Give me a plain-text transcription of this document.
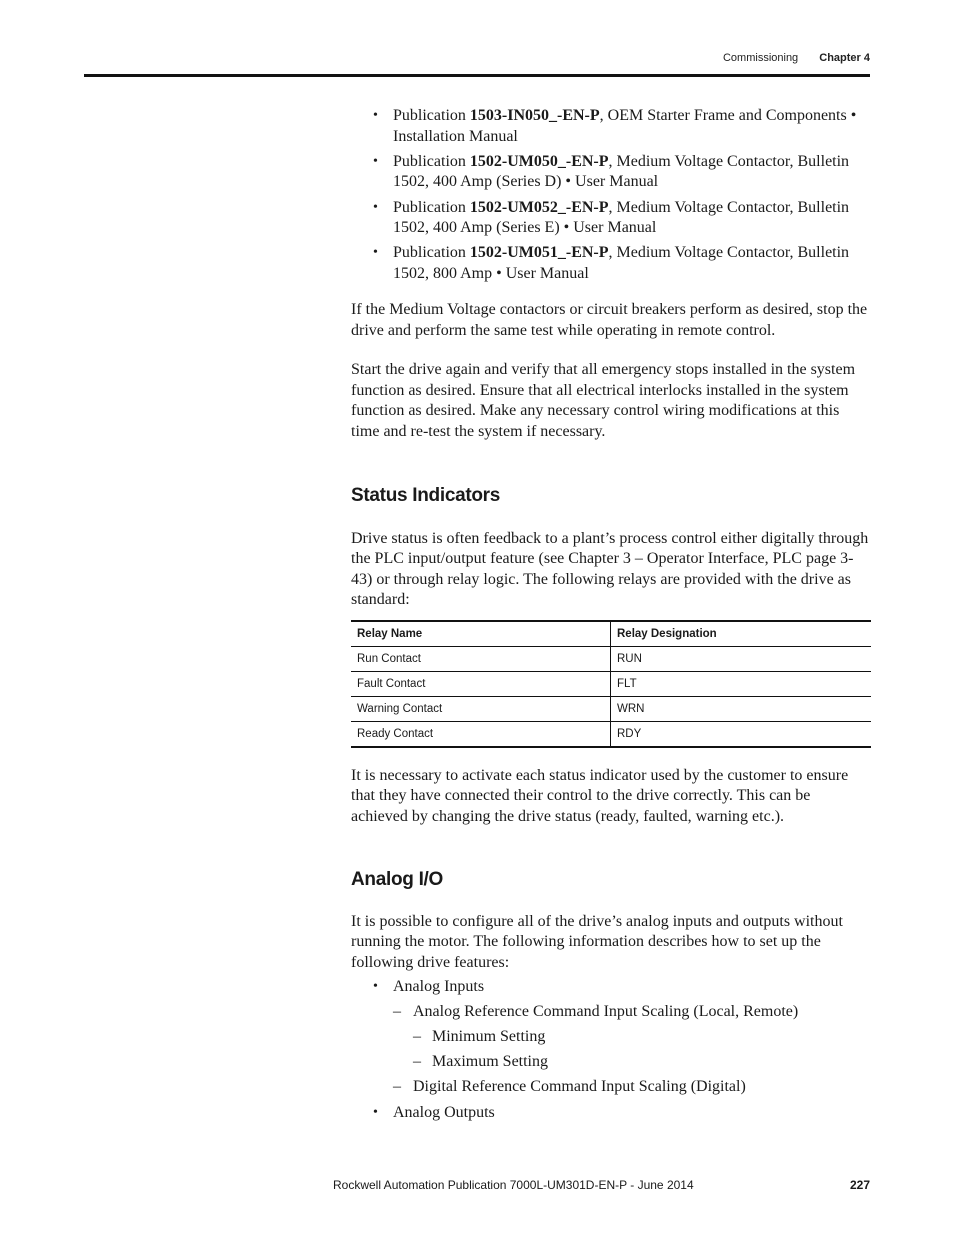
Commissioning Chapter 4
• Publication 1503-IN050_-EN-P, OEM Starter Frame and Components • Installation Manual
• Publication 1502-UM050_-EN-P, Medium Voltage Contactor, Bulletin 1502, 400 Amp (Series D) • User Manual
• Publication 1502-UM052_-EN-P, Medium Voltage Contactor, Bulletin 1502, 400 Amp (Series E) • User Manual
• Publication 1502-UM051_-EN-P, Medium Voltage Contactor, Bulletin 1502, 800 Amp • User Manual

If the Medium Voltage contactors or circuit breakers perform as desired, stop the drive and perform the same test while operating in remote control.

Start the drive again and verify that all emergency stops installed in the system function as desired. Ensure that all electrical interlocks installed in the system function as desired. Make any necessary control wiring modifications at this time and re-test the system if necessary.

Status Indicators

Drive status is often feedback to a plant’s process control either digitally through the PLC input/output feature (see Chapter 3 – Operator Interface, PLC page 3-43) or through relay logic. The following relays are provided with the drive as standard:

Relay Name	Relay Designation
Run Contact	RUN
Fault Contact	FLT
Warning Contact	WRN
Ready Contact	RDY

It is necessary to activate each status indicator used by the customer to ensure that they have connected their control to the drive correctly. This can be achieved by changing the drive status (ready, faulted, warning etc.).

Analog I/O

It is possible to configure all of the drive’s analog inputs and outputs without running the motor. The following information describes how to set up the following drive features:

• Analog Inputs
– Analog Reference Command Input Scaling (Local, Remote)
– Minimum Setting
– Maximum Setting
– Digital Reference Command Input Scaling (Digital)
• Analog Outputs
Rockwell Automation Publication 7000L-UM301D-EN-P - June 2014	227
